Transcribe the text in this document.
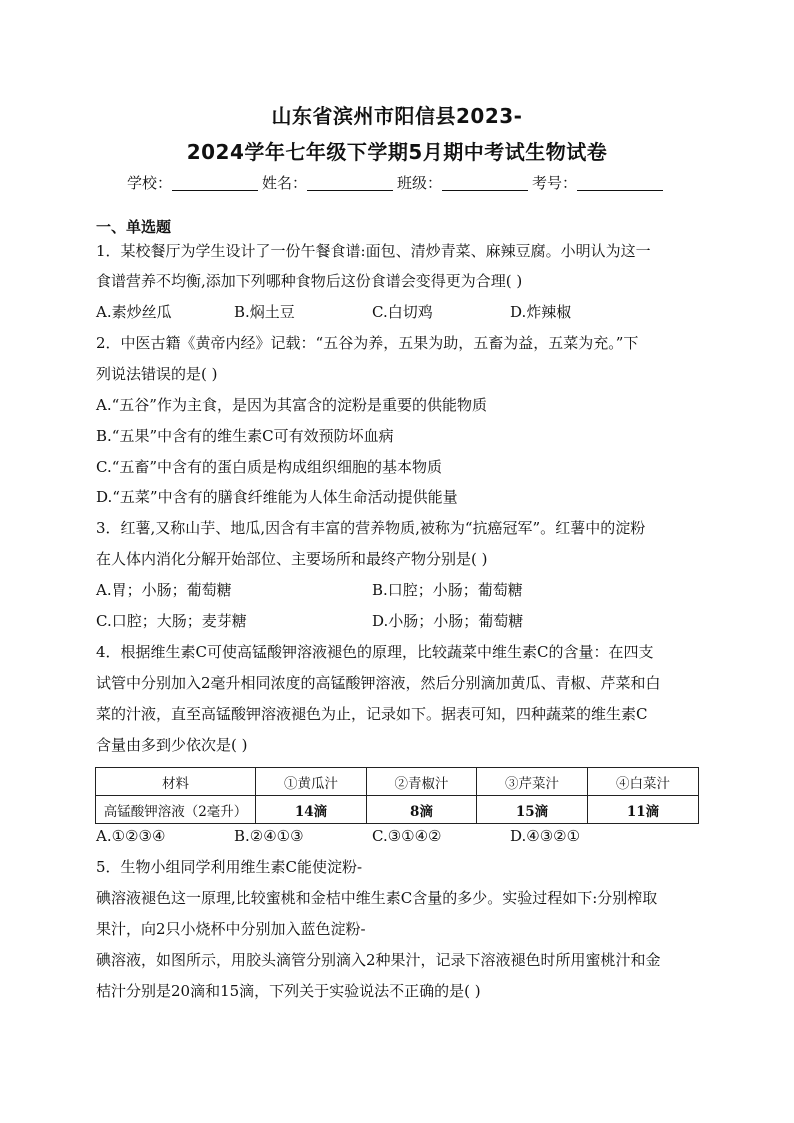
山东省滨州市阳信县2023-
2024学年七年级下学期5月期中考试生物试卷
学校：	姓名：	班级：	考号：
一、单选题
1．某校餐厅为学生设计了一份午餐食谱:面包、清炒青菜、麻辣豆腐。小明认为这一
食谱营养不均衡,添加下列哪种食物后这份食谱会变得更为合理( )
A.素炒丝瓜	B.焖土豆	C.白切鸡	D.炸辣椒
2．中医古籍《黄帝内经》记载：“五谷为养，五果为助，五畜为益，五菜为充。”下
列说法错误的是( )
A.“五谷”作为主食，是因为其富含的淀粉是重要的供能物质
B.“五果”中含有的维生素C可有效预防坏血病
C.“五畜”中含有的蛋白质是构成组织细胞的基本物质
D.“五菜”中含有的膳食纤维能为人体生命活动提供能量
3．红薯,又称山芋、地瓜,因含有丰富的营养物质,被称为“抗癌冠军”。红薯中的淀粉
在人体内消化分解开始部位、主要场所和最终产物分别是( )
A.胃；小肠；葡萄糖	B.口腔；小肠；葡萄糖
C.口腔；大肠；麦芽糖	D.小肠；小肠；葡萄糖
4．根据维生素C可使高锰酸钾溶液褪色的原理，比较蔬菜中维生素C的含量：在四支
试管中分别加入2毫升相同浓度的高锰酸钾溶液，然后分别滴加黄瓜、青椒、芹菜和白
菜的汁液，直至高锰酸钾溶液褪色为止，记录如下。据表可知，四种蔬菜的维生素C
含量由多到少依次是( )
材料	①黄瓜汁	②青椒汁	③芹菜汁	④白菜汁
高锰酸钾溶液（2毫升）	14滴	8滴	15滴	11滴
A.①②③④	B.②④①③	C.③①④②	D.④③②①
5．生物小组同学利用维生素C能使淀粉-
碘溶液褪色这一原理,比较蜜桃和金桔中维生素C含量的多少。实验过程如下:分别榨取
果汁，向2只小烧杯中分别加入蓝色淀粉-
碘溶液，如图所示，用胶头滴管分别滴入2种果汁，记录下溶液褪色时所用蜜桃汁和金
桔汁分别是20滴和15滴，下列关于实验说法不正确的是( )
